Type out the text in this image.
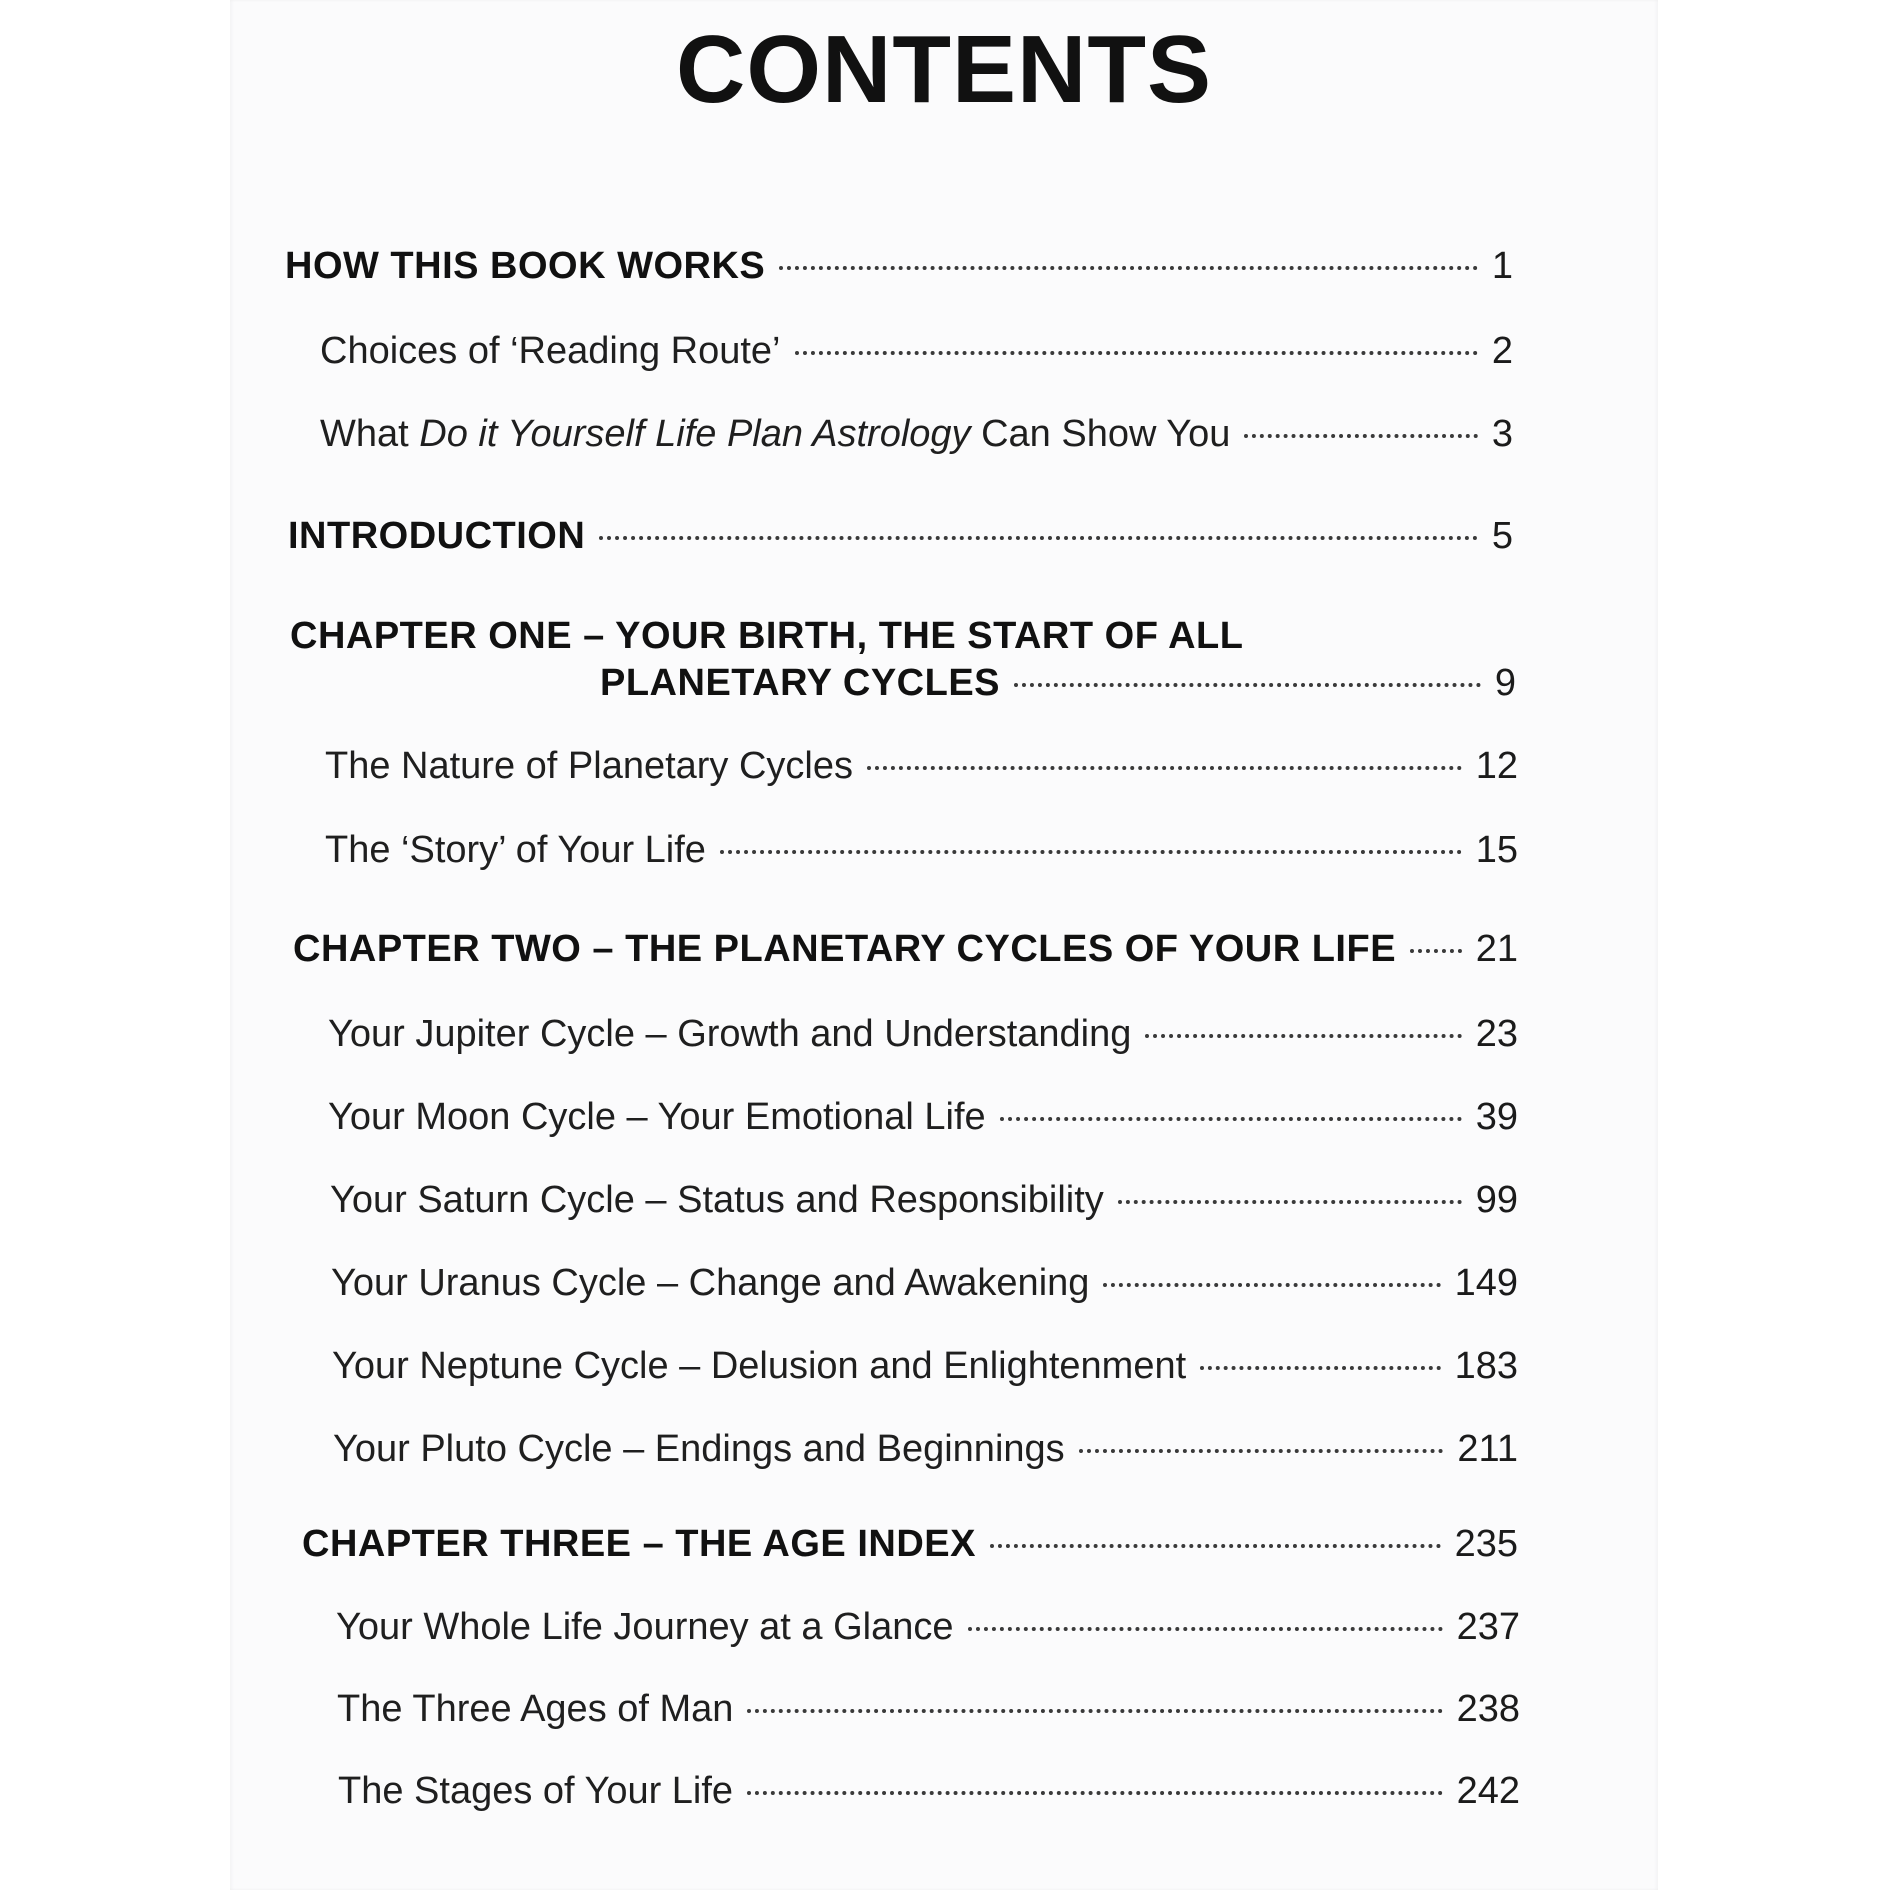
CONTENTS
HOW THIS BOOK WORKS	1
Choices of ‘Reading Route’	2
What Do it Yourself Life Plan Astrology Can Show You	3
INTRODUCTION	5
CHAPTER ONE – YOUR BIRTH, THE START OF ALL
PLANETARY CYCLES	9
The Nature of Planetary Cycles	12
The ‘Story’ of Your Life	15
CHAPTER TWO – THE PLANETARY CYCLES OF YOUR LIFE 21
Your Jupiter Cycle – Growth and Understanding	23
Your Moon Cycle – Your Emotional Life	39
Your Saturn Cycle – Status and Responsibility	99
Your Uranus Cycle – Change and Awakening	149
Your Neptune Cycle – Delusion and Enlightenment	183
Your Pluto Cycle – Endings and Beginnings	211
CHAPTER THREE – THE AGE INDEX	235
Your Whole Life Journey at a Glance	237
The Three Ages of Man	238
The Stages of Your Life	242
